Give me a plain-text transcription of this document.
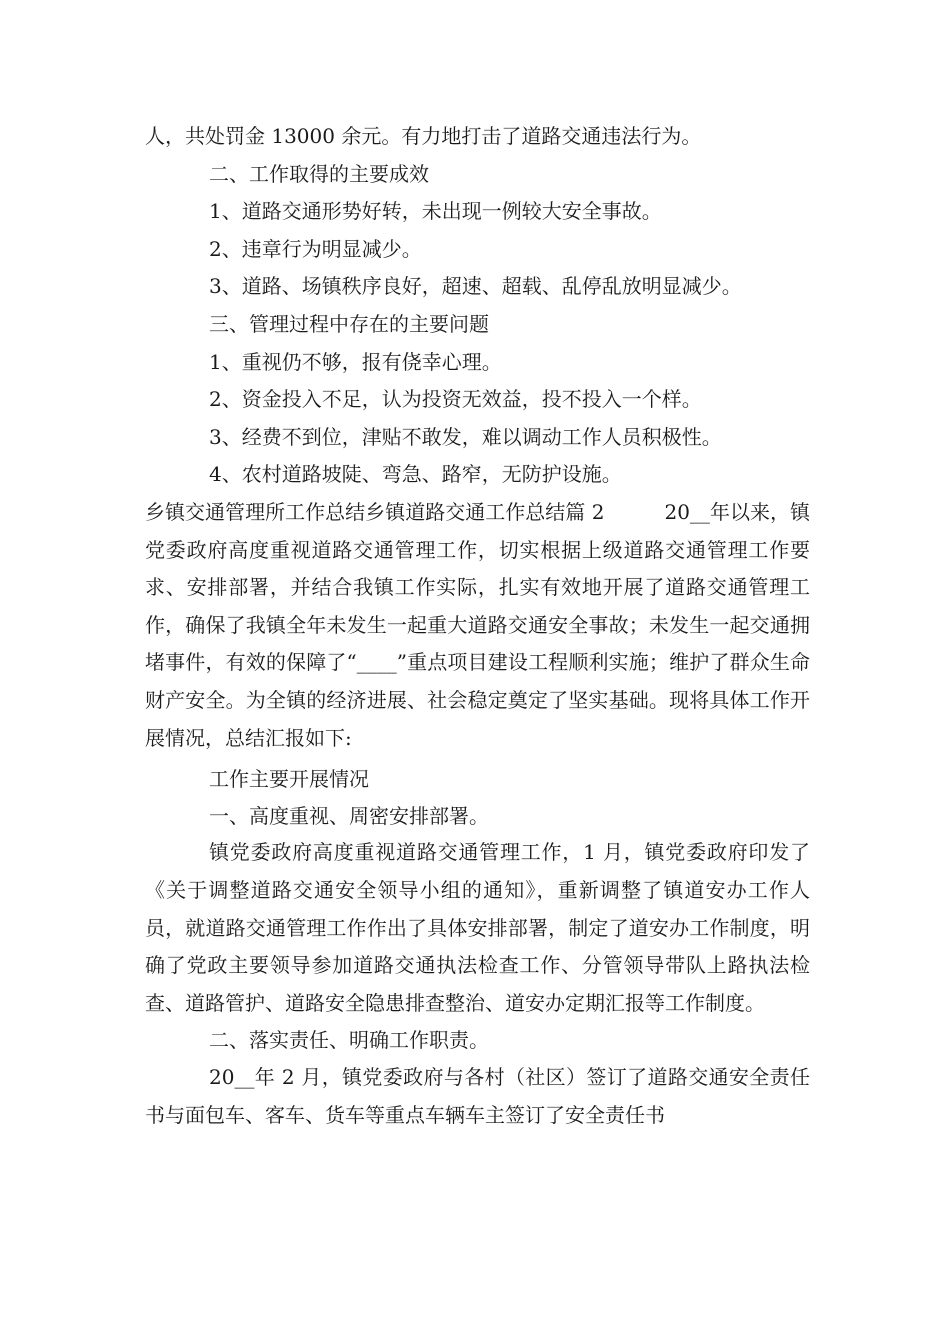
人，共处罚金 13000 余元。有力地打击了道路交通违法行为。
二、工作取得的主要成效
1、道路交通形势好转，未出现一例较大安全事故。
2、违章行为明显减少。
3、道路、场镇秩序良好，超速、超载、乱停乱放明显减少。
三、管理过程中存在的主要问题
1、重视仍不够，报有侥幸心理。
2、资金投入不足，认为投资无效益，投不投入一个样。
3、经费不到位，津贴不敢发，难以调动工作人员积极性。
4、农村道路坡陡、弯急、路窄，无防护设施。
乡镇交通管理所工作总结乡镇道路交通工作总结篇 2　　　20__年以来，镇党委政府高度重视道路交通管理工作，切实根据上级道路交通管理工作要求、安排部署，并结合我镇工作实际，扎实有效地开展了道路交通管理工作，确保了我镇全年未发生一起重大道路交通安全事故；未发生一起交通拥堵事件，有效的保障了“____”重点项目建设工程顺利实施；维护了群众生命财产安全。为全镇的经济进展、社会稳定奠定了坚实基础。现将具体工作开展情况，总结汇报如下:
工作主要开展情况
一、高度重视、周密安排部署。
镇党委政府高度重视道路交通管理工作，1 月，镇党委政府印发了《关于调整道路交通安全领导小组的通知》，重新调整了镇道安办工作人员，就道路交通管理工作作出了具体安排部署，制定了道安办工作制度，明确了党政主要领导参加道路交通执法检查工作、分管领导带队上路执法检查、道路管护、道路安全隐患排查整治、道安办定期汇报等工作制度。
二、落实责任、明确工作职责。
20__年 2 月，镇党委政府与各村（社区）签订了道路交通安全责任书与面包车、客车、货车等重点车辆车主签订了安全责任书
